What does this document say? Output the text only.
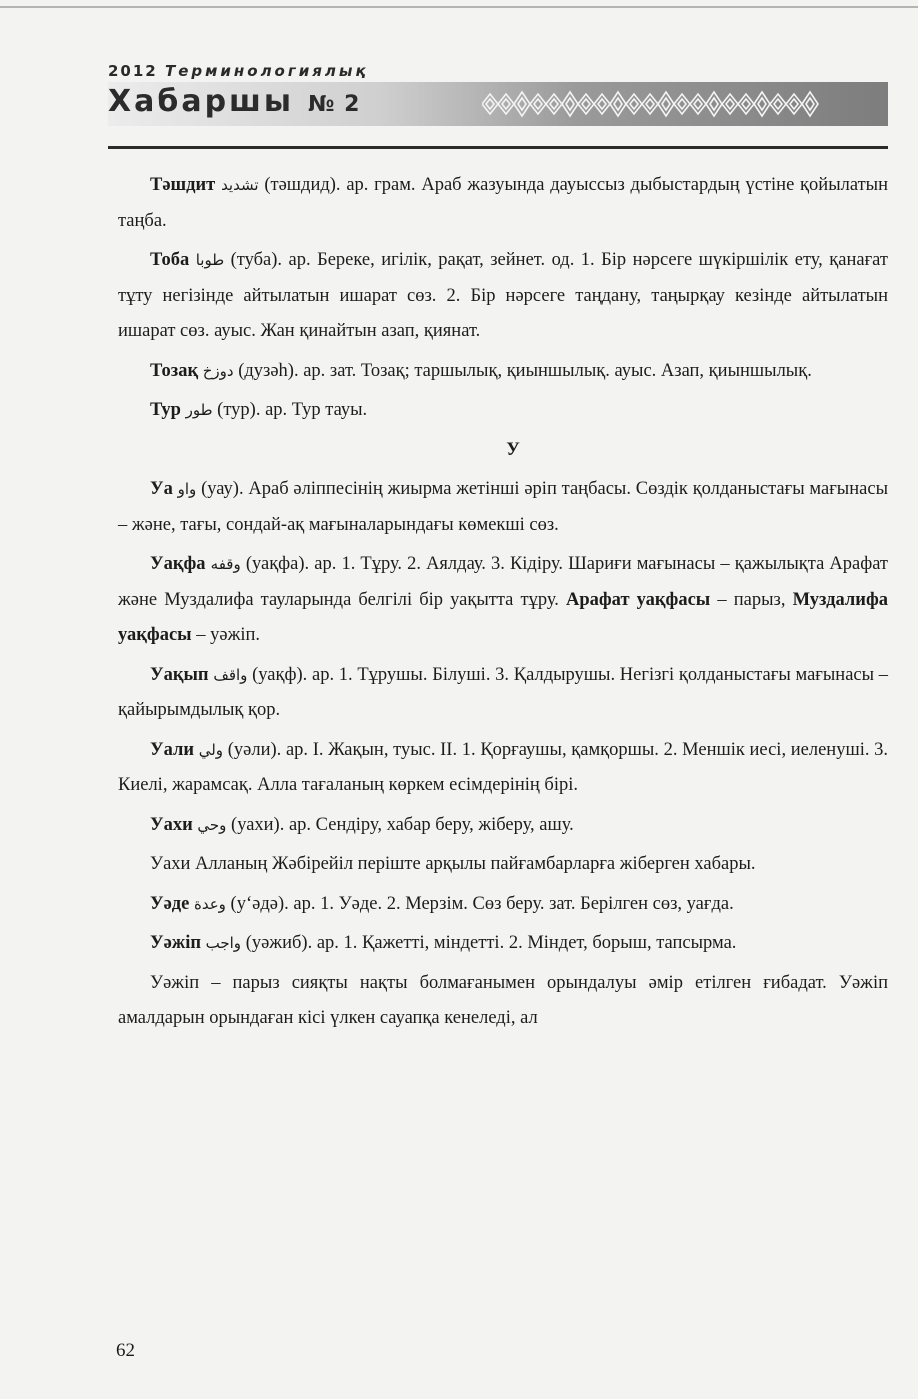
2012 Терминологиялық
Хабаршы № 2

Тәшдит تشديد (тәшдид). ар. грам. Араб жазуында дауыссыз дыбыстардың үстіне қойылатын таңба.

Тоба طوبا (туба). ар. Береке, игілік, рақат, зейнет. од. 1. Бір нәрсеге шүкіршілік ету, қанағат тұту негізінде айтылатын ишарат сөз. 2. Бір нәрсеге таңдану, таңырқау кезінде айтылатын ишарат сөз. ауыс. Жан қинайтын азап, қиянат.

Тозақ دوزخ (дузәһ). ар. зат. Тозақ; таршылық, қиыншылық. ауыс. Азап, қиыншылық.

Тур طور (тур). ар. Тур тауы.

У

Уа واو (уау). Араб әліппесінің жиырма жетінші әріп таңбасы. Сөздік қолданыстағы мағынасы – және, тағы, сондай-ақ мағыналарындағы көмекші сөз.

Уақфа وقفه (уақфа). ар. 1. Тұру. 2. Аялдау. 3. Кідіру. Шариғи мағынасы – қажылықта Арафат және Муздалифа тауларында белгілі бір уақытта тұру. Арафат уақфасы – парыз, Муздалифа уақфасы – уәжіп.

Уақып واقف (уақф). ар. 1. Тұрушы. Білуші. 3. Қалдырушы. Негізгі қолданыстағы мағынасы – қайырымдылық қор.

Уали ولي (уәли). ар. І. Жақын, туыс. ІІ. 1. Қорғаушы, қамқоршы. 2. Меншік иесі, иеленуші. 3. Киелі, жарамсақ. Алла тағаланың көркем есімдерінің бірі.

Уахи وحي (уахи). ар. Сендіру, хабар беру, жіберу, ашу.

Уахи Алланың Жәбірейіл періште арқылы пайғамбарларға жіберген хабары.

Уәде وعدة (у‘әдә). ар. 1. Уәде. 2. Мерзім. Сөз беру. зат. Берілген сөз, уағда.

Уәжіп واجب (уәжиб). ар. 1. Қажетті, міндетті. 2. Міндет, борыш, тапсырма.

Уәжіп – парыз сияқты нақты болмағанымен орындалуы әмір етілген ғибадат. Уәжіп амалдарын орындаған кісі үлкен сауапқа кенеледі, ал

62
